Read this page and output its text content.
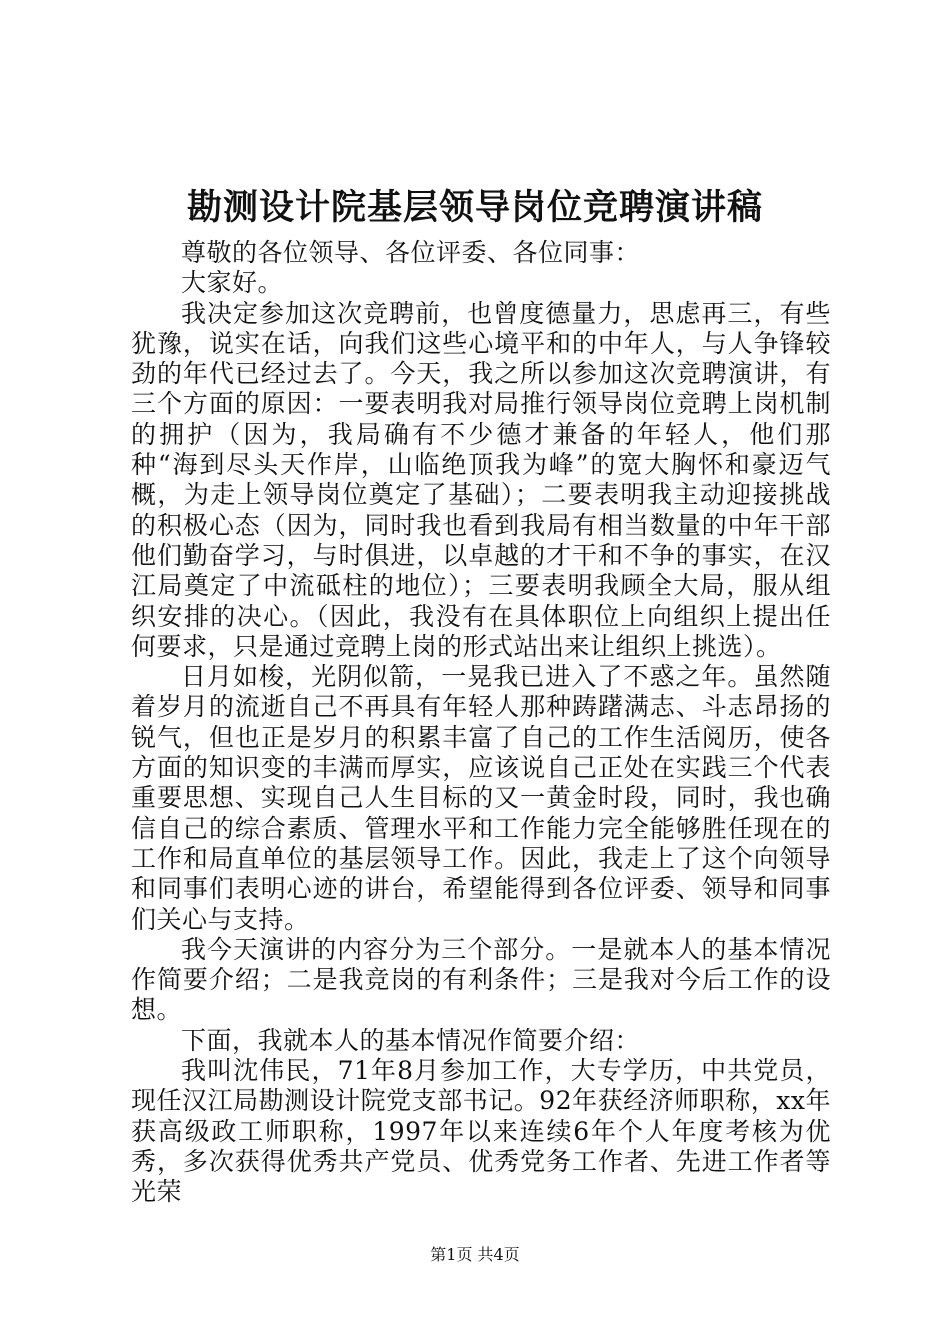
勘测设计院基层领导岗位竞聘演讲稿

尊敬的各位领导、各位评委、各位同事：

大家好。

我决定参加这次竞聘前，也曾度德量力，思虑再三，有些犹豫，说实在话，向我们这些心境平和的中年人，与人争锋较劲的年代已经过去了。今天，我之所以参加这次竞聘演讲，有三个方面的原因：一要表明我对局推行领导岗位竞聘上岗机制的拥护（因为，我局确有不少德才兼备的年轻人，他们那种“海到尽头天作岸，山临绝顶我为峰”的宽大胸怀和豪迈气概，为走上领导岗位奠定了基础）；二要表明我主动迎接挑战的积极心态（因为，同时我也看到我局有相当数量的中年干部他们勤奋学习，与时俱进，以卓越的才干和不争的事实，在汉江局奠定了中流砥柱的地位）；三要表明我顾全大局，服从组织安排的决心。（因此，我没有在具体职位上向组织上提出任何要求，只是通过竞聘上岗的形式站出来让组织上挑选）。

日月如梭，光阴似箭，一晃我已进入了不惑之年。虽然随着岁月的流逝自己不再具有年轻人那种踌躇满志、斗志昂扬的锐气，但也正是岁月的积累丰富了自己的工作生活阅历，使各方面的知识变的丰满而厚实，应该说自己正处在实践三个代表重要思想、实现自己人生目标的又一黄金时段，同时，我也确信自己的综合素质、管理水平和工作能力完全能够胜任现在的工作和局直单位的基层领导工作。因此，我走上了这个向领导和同事们表明心迹的讲台，希望能得到各位评委、领导和同事们关心与支持。

我今天演讲的内容分为三个部分。一是就本人的基本情况作简要介绍；二是我竞岗的有利条件；三是我对今后工作的设想。

下面，我就本人的基本情况作简要介绍：

我叫沈伟民，71年8月参加工作，大专学历，中共党员，现任汉江局勘测设计院党支部书记。92年获经济师职称，xx年获高级政工师职称，1997年以来连续6年个人年度考核为优秀，多次获得优秀共产党员、优秀党务工作者、先进工作者等光荣

第1页 共4页
